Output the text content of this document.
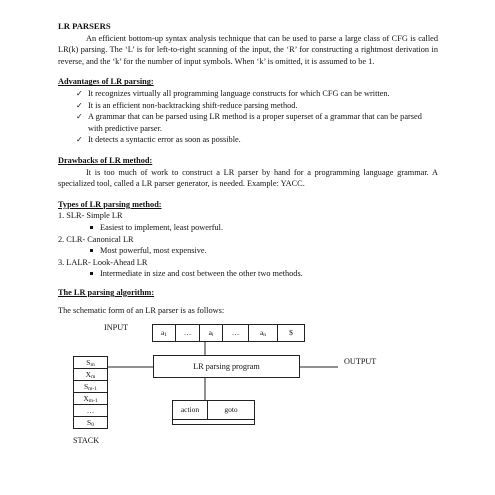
LR PARSERS

An efficient bottom-up syntax analysis technique that can be used to parse a large class of CFG is called LR(k) parsing. The ‘L’ is for left-to-right scanning of the input, the ‘R’ for constructing a rightmost derivation in reverse, and the ‘k’ for the number of input symbols. When ‘k’ is omitted, it is assumed to be 1.

Advantages of LR parsing:

✓ It recognizes virtually all programming language constructs for which CFG can be written.
✓ It is an efficient non-backtracking shift-reduce parsing method.
✓ A grammar that can be parsed using LR method is a proper superset of a grammar that can be parsed with predictive parser.
✓ It detects a syntactic error as soon as possible.

Drawbacks of LR method:

It is too much of work to construct a LR parser by hand for a programming language grammar. A specialized tool, called a LR parser generator, is needed. Example: YACC.

Types of LR parsing method:

1. SLR- Simple LR

Easiest to implement, least powerful.

2. CLR- Canonical LR

Most powerful, most expensive.

3. LALR- Look-Ahead LR

Intermediate in size and cost between the other two methods.

The LR parsing algorithm:

The schematic form of an LR parser is as follows:

INPUT
OUTPUT
STACK
$a_1$	…	$a_i$	…	$a_n$	$
LR parsing program
action	goto
$S_m$
$X_m$
$S_{m-1}$
$X_{m-1}$
…
$S_0$
